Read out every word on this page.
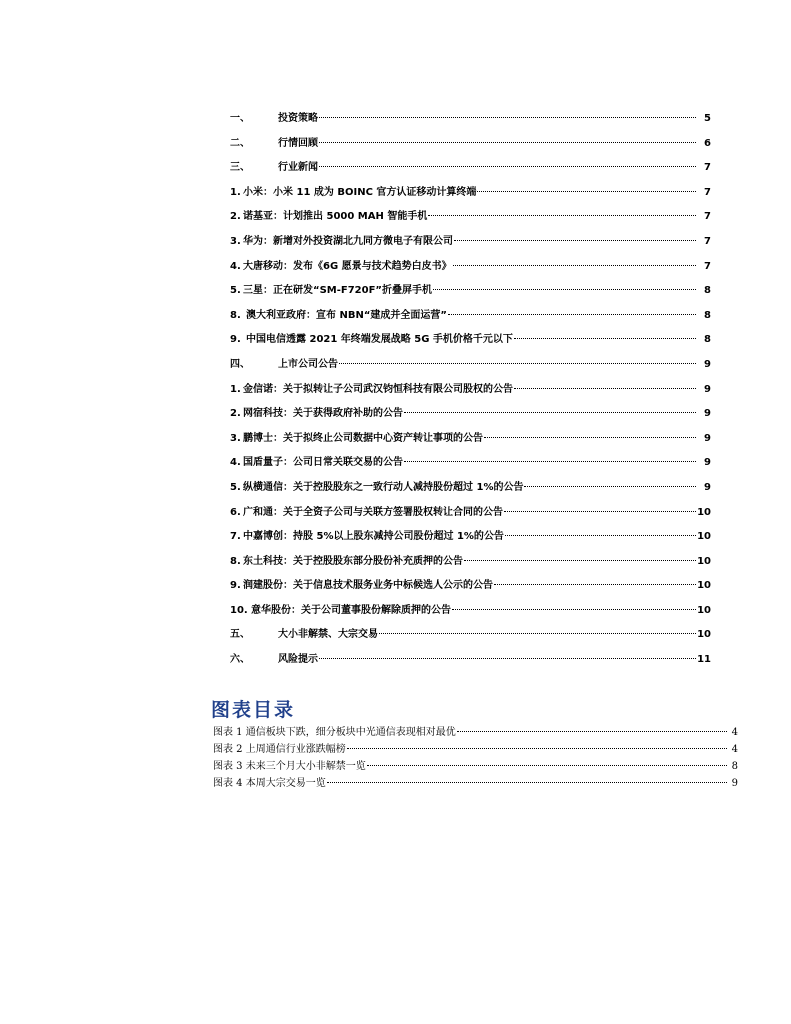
一、	投资策略	5
二、	行情回顾	6
三、	行业新闻	7
1. 小米：小米 11 成为 BOINC 官方认证移动计算终端	7
2. 诺基亚：计划推出 5000 MAH 智能手机	7
3. 华为：新增对外投资湖北九同方微电子有限公司	7
4. 大唐移动：发布《6G 愿景与技术趋势白皮书》	7
5. 三星：正在研发“SM-F720F”折叠屏手机	8
8. 澳大利亚政府：宣布 NBN“建成并全面运营”	8
9. 中国电信透露 2021 年终端发展战略 5G 手机价格千元以下	8
四、	上市公司公告	9
1. 金信诺：关于拟转让子公司武汉钧恒科技有限公司股权的公告	9
2. 网宿科技：关于获得政府补助的公告	9
3. 鹏博士：关于拟终止公司数据中心资产转让事项的公告	9
4. 国盾量子：公司日常关联交易的公告	9
5. 纵横通信：关于控股股东之一致行动人减持股份超过 1%的公告	9
6. 广和通：关于全资子公司与关联方签署股权转让合同的公告	10
7. 中嘉博创：持股 5%以上股东减持公司股份超过 1%的公告	10
8. 东土科技：关于控股股东部分股份补充质押的公告	10
9. 润建股份：关于信息技术服务业务中标候选人公示的公告	10
10. 意华股份：关于公司董事股份解除质押的公告	10
五、	大小非解禁、大宗交易	10
六、	风险提示	11
图表目录
图表 1 通信板块下跌，细分板块中光通信表现相对最优	4
图表 2 上周通信行业涨跌幅榜	4
图表 3 未来三个月大小非解禁一览	8
图表 4 本周大宗交易一览	9
